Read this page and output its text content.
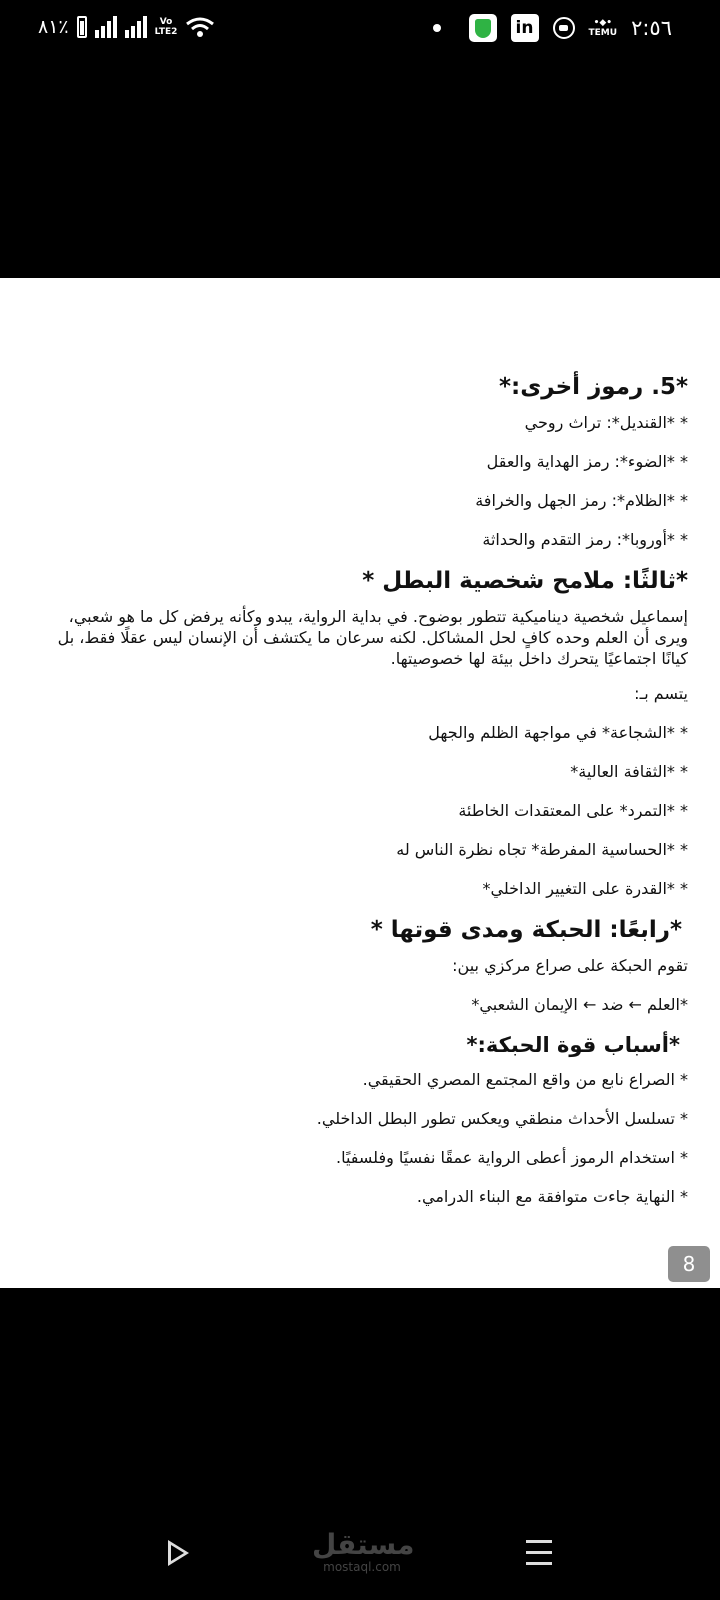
٨١٪	Vo
LTE2	in	•◆•
TEMU ٢:٥٦
*5. رموز أخرى:*
* *القنديل*: تراث روحي
* *الضوء*: رمز الهداية والعقل
* *الظلام*: رمز الجهل والخرافة
* *أوروبا*: رمز التقدم والحداثة
*ثالثًا: ملامح شخصية البطل *
إسماعيل شخصية ديناميكية تتطور بوضوح. في بداية الرواية، يبدو وكأنه يرفض كل ما هو شعبي، ويرى أن العلم وحده كافٍ لحل المشاكل. لكنه سرعان ما يكتشف أن الإنسان ليس عقلًا فقط، بل كيانًا اجتماعيًا يتحرك داخل بيئة لها خصوصيتها.
يتسم بـ:
* *الشجاعة* في مواجهة الظلم والجهل
* *الثقافة العالية*
* *التمرد* على المعتقدات الخاطئة
* *الحساسية المفرطة* تجاه نظرة الناس له
* *القدرة على التغيير الداخلي*
*رابعًا: الحبكة ومدى قوتها *
تقوم الحبكة على صراع مركزي بين:
*العلم ← ضد ← الإيمان الشعبي*
*أسباب قوة الحبكة:*
* الصراع نابع من واقع المجتمع المصري الحقيقي.
* تسلسل الأحداث منطقي ويعكس تطور البطل الداخلي.
* استخدام الرموز أعطى الرواية عمقًا نفسيًا وفلسفيًا.
* النهاية جاءت متوافقة مع البناء الدرامي.
8
مستقل
mostaql.com
